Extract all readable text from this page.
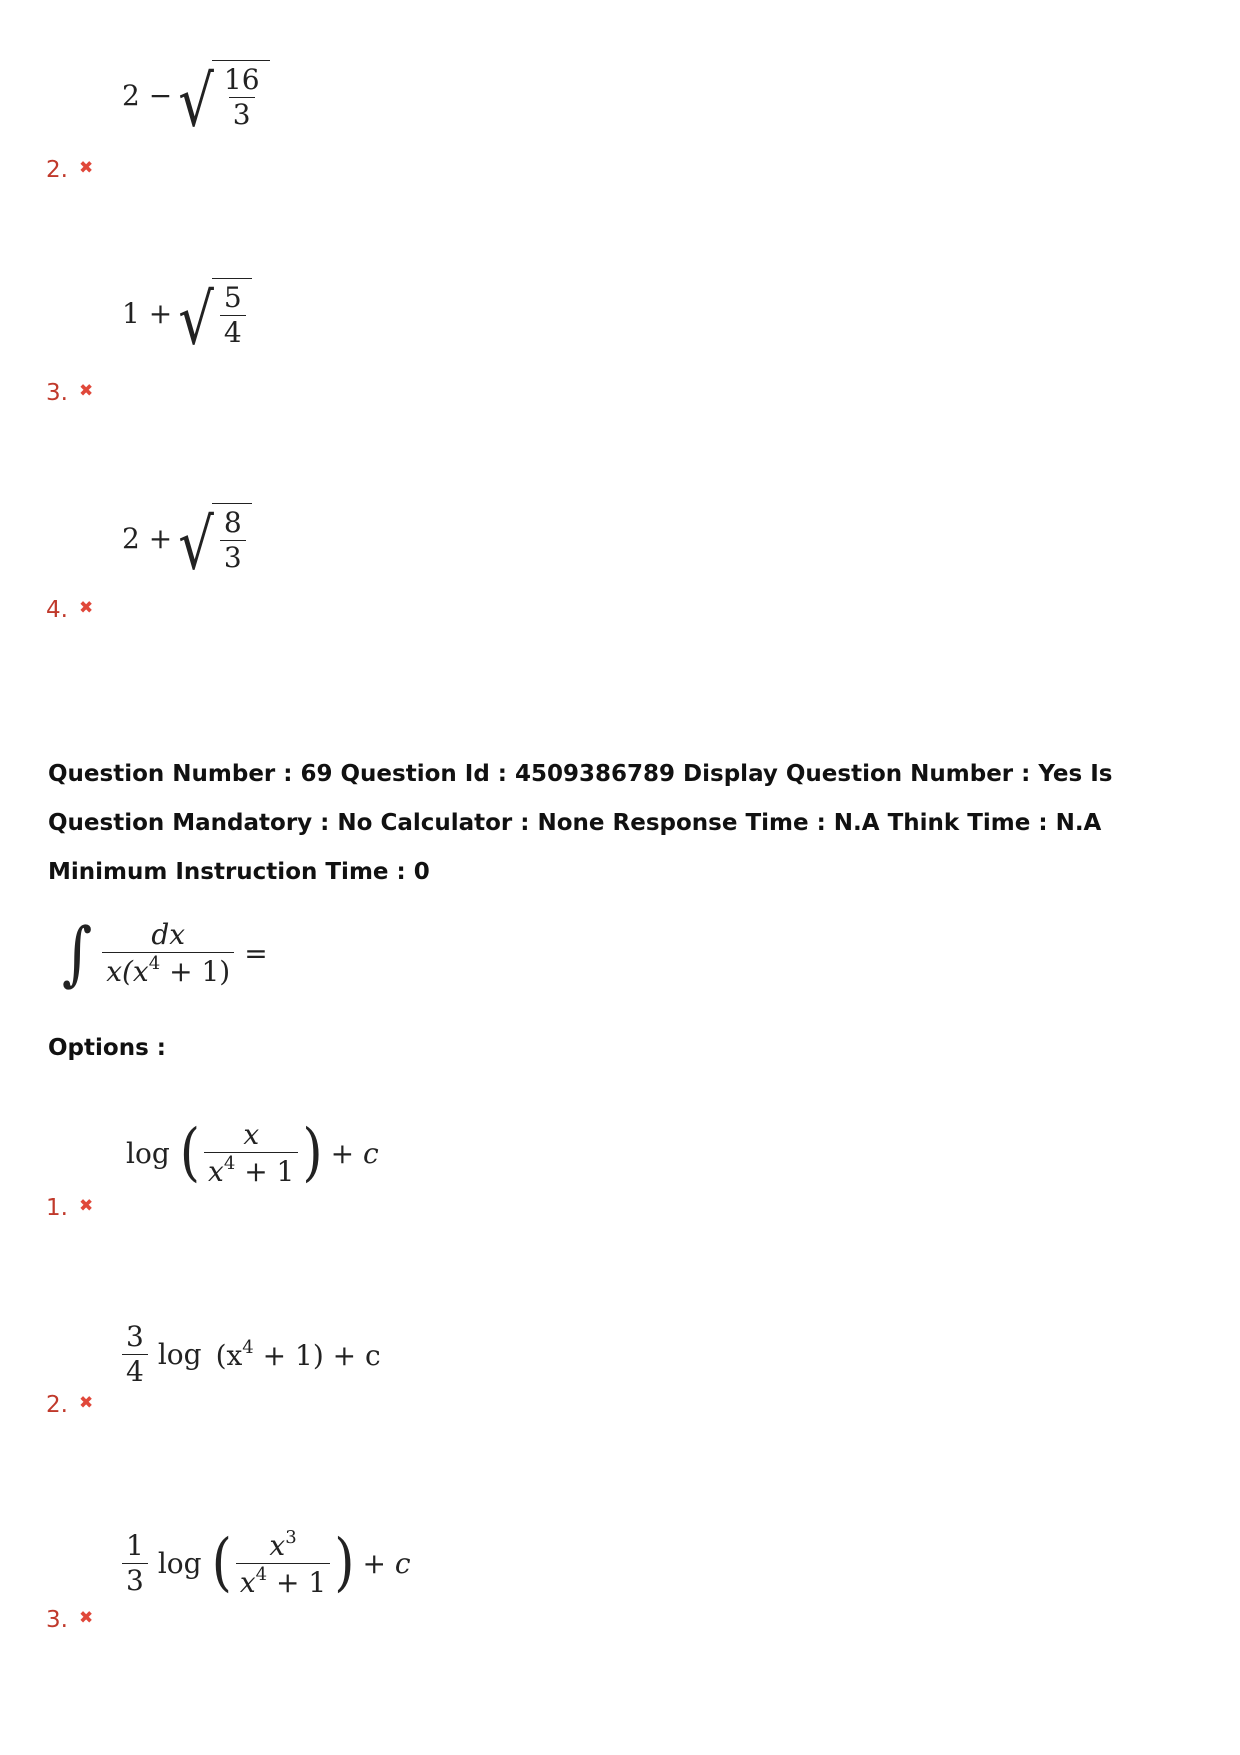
2 − √ $\frac{16}{3}$
2. ✖
1 + √ $\frac{5}{4}$
3. ✖
2 + √ $\frac{8}{3}$
4. ✖
Question Number : 69 Question Id : 4509386789 Display Question Number : Yes Is Question Mandatory : No Calculator : None Response Time : N.A Think Time : N.A Minimum Instruction Time : 0
∫ $\frac{dx}{x(x^4 + 1)}$ =
Options :
log ( $\frac{x}{x^4 + 1}$ ) + c
1. ✖
$\frac{3}{4}$ $\log (x^4 + 1) + c$
2. ✖
$\frac{1}{3}$ log ( $\frac{x^3}{x^4 + 1}$ ) + c
3. ✖
